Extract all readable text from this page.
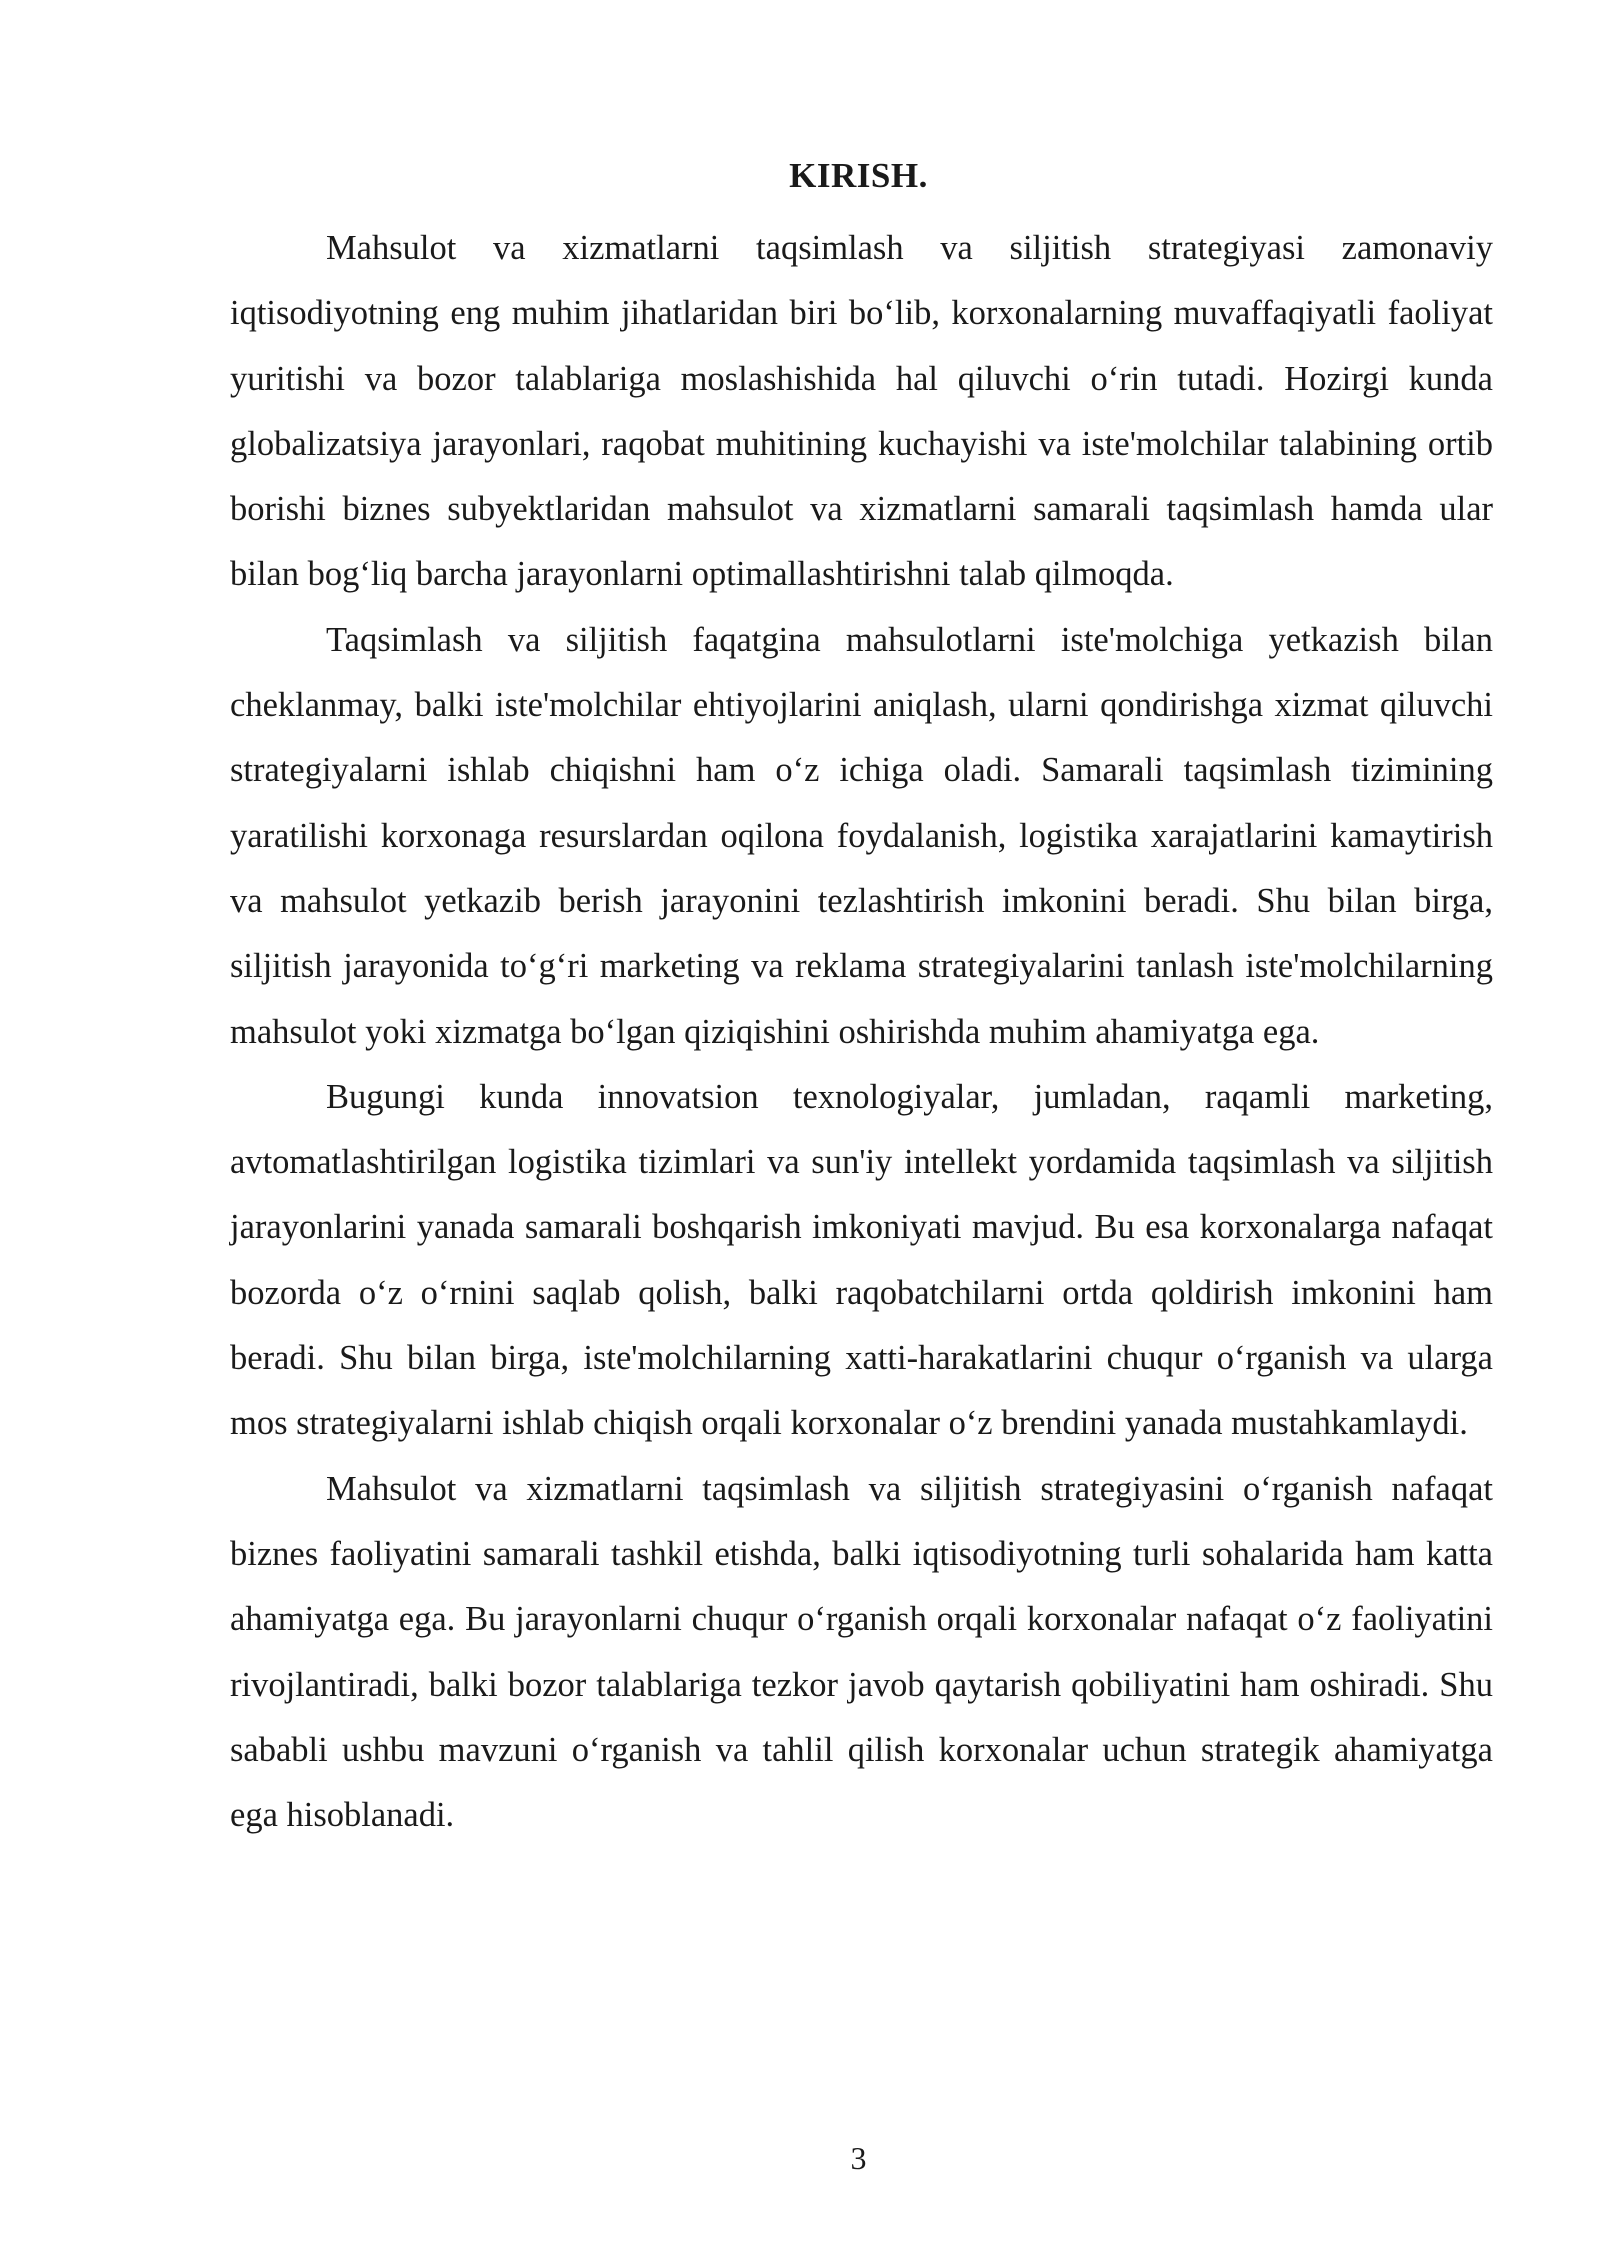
KIRISH.

Mahsulot va xizmatlarni taqsimlash va siljitish strategiyasi zamonaviy iqtisodiyotning eng muhim jihatlaridan biri bo‘lib, korxonalarning muvaffaqiyatli faoliyat yuritishi va bozor talablariga moslashishida hal qiluvchi o‘rin tutadi. Hozirgi kunda globalizatsiya jarayonlari, raqobat muhitining kuchayishi va iste'molchilar talabining ortib borishi biznes subyektlaridan mahsulot va xizmatlarni samarali taqsimlash hamda ular bilan bog‘liq barcha jarayonlarni optimallashtirishni talab qilmoqda.

Taqsimlash va siljitish faqatgina mahsulotlarni iste'molchiga yetkazish bilan cheklanmay, balki iste'molchilar ehtiyojlarini aniqlash, ularni qondirishga xizmat qiluvchi strategiyalarni ishlab chiqishni ham o‘z ichiga oladi. Samarali taqsimlash tizimining yaratilishi korxonaga resurslardan oqilona foydalanish, logistika xarajatlarini kamaytirish va mahsulot yetkazib berish jarayonini tezlashtirish imkonini beradi. Shu bilan birga, siljitish jarayonida to‘g‘ri marketing va reklama strategiyalarini tanlash iste'molchilarning mahsulot yoki xizmatga bo‘lgan qiziqishini oshirishda muhim ahamiyatga ega.

Bugungi kunda innovatsion texnologiyalar, jumladan, raqamli marketing, avtomatlashtirilgan logistika tizimlari va sun'iy intellekt yordamida taqsimlash va siljitish jarayonlarini yanada samarali boshqarish imkoniyati mavjud. Bu esa korxonalarga nafaqat bozorda o‘z o‘rnini saqlab qolish, balki raqobatchilarni ortda qoldirish imkonini ham beradi. Shu bilan birga, iste'molchilarning xatti-harakatlarini chuqur o‘rganish va ularga mos strategiyalarni ishlab chiqish orqali korxonalar o‘z brendini yanada mustahkamlaydi.

Mahsulot va xizmatlarni taqsimlash va siljitish strategiyasini o‘rganish nafaqat biznes faoliyatini samarali tashkil etishda, balki iqtisodiyotning turli sohalarida ham katta ahamiyatga ega. Bu jarayonlarni chuqur o‘rganish orqali korxonalar nafaqat o‘z faoliyatini rivojlantiradi, balki bozor talablariga tezkor javob qaytarish qobiliyatini ham oshiradi. Shu sababli ushbu mavzuni o‘rganish va tahlil qilish korxonalar uchun strategik ahamiyatga ega hisoblanadi.

3
